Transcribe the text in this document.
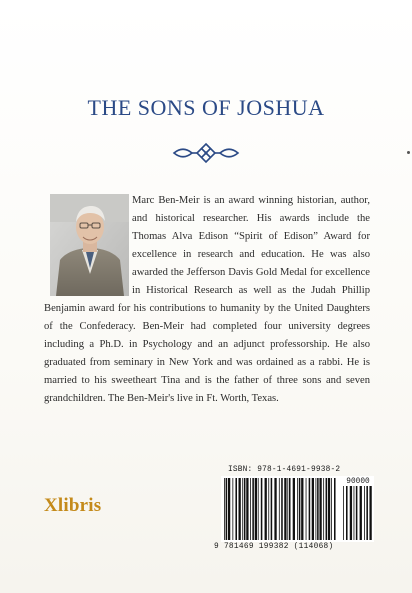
THE SONS OF JOSHUA

Marc Ben-Meir is an award winning historian, author, and historical researcher. His awards include the Thomas Alva Edison “Spirit of Edison” Award for excellence in research and education. He was also awarded the Jefferson Davis Gold Medal for excellence in Historical Research as well as the Judah Phillip Benjamin award for his contributions to humanity by the United Daughters of the Confederacy. Ben-Meir had completed four university degrees including a Ph.D. in Psychology and an adjunct professorship. He also graduated from seminary in New York and was ordained as a rabbi. He is married to his sweetheart Tina and is the father of three sons and seven grandchildren. The Ben-Meir's live in Ft. Worth, Texas.

Xlibris
ISBN: 978-1-4691-9938-2
90000
9 781469 199382 (114068)
